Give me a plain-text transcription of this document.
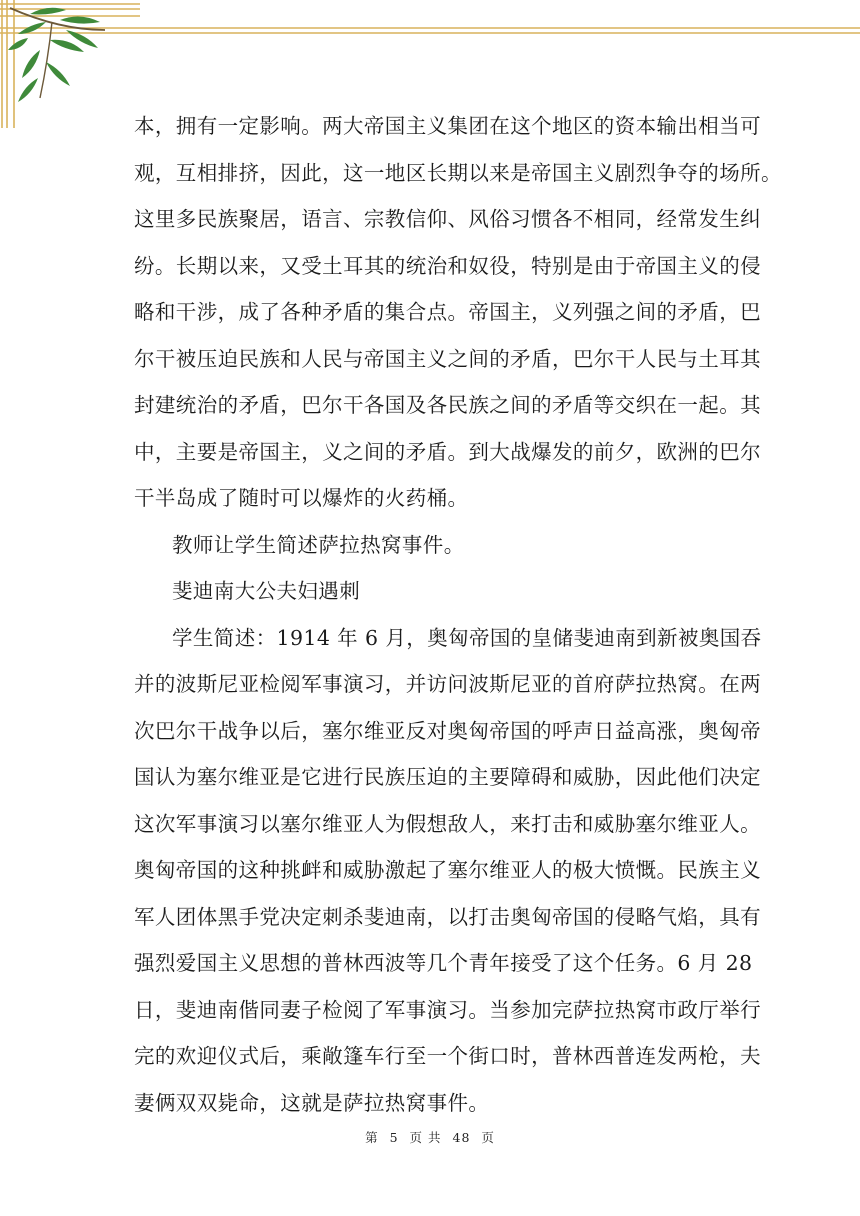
本，拥有一定影响。两大帝国主义集团在这个地区的资本输出相当可
观，互相排挤，因此，这一地区长期以来是帝国主义剧烈争夺的场所。
这里多民族聚居，语言、宗教信仰、风俗习惯各不相同，经常发生纠
纷。长期以来，又受土耳其的统治和奴役，特别是由于帝国主义的侵
略和干涉，成了各种矛盾的集合点。帝国主，义列强之间的矛盾，巴
尔干被压迫民族和人民与帝国主义之间的矛盾，巴尔干人民与土耳其
封建统治的矛盾，巴尔干各国及各民族之间的矛盾等交织在一起。其
中，主要是帝国主，义之间的矛盾。到大战爆发的前夕，欧洲的巴尔
干半岛成了随时可以爆炸的火药桶。
教师让学生简述萨拉热窝事件。
斐迪南大公夫妇遇刺
学生简述：1914 年 6 月，奥匈帝国的皇储斐迪南到新被奥国吞
并的波斯尼亚检阅军事演习，并访问波斯尼亚的首府萨拉热窝。在两
次巴尔干战争以后，塞尔维亚反对奥匈帝国的呼声日益高涨，奥匈帝
国认为塞尔维亚是它进行民族压迫的主要障碍和威胁，因此他们决定
这次军事演习以塞尔维亚人为假想敌人，来打击和威胁塞尔维亚人。
奥匈帝国的这种挑衅和威胁激起了塞尔维亚人的极大愤慨。民族主义
军人团体黑手党决定刺杀斐迪南，以打击奥匈帝国的侵略气焰，具有
强烈爱国主义思想的普林西波等几个青年接受了这个任务。6 月 28
日，斐迪南偕同妻子检阅了军事演习。当参加完萨拉热窝市政厅举行
完的欢迎仪式后，乘敞篷车行至一个街口时，普林西普连发两枪，夫
妻俩双双毙命，这就是萨拉热窝事件。
第 5 页 共 48 页
